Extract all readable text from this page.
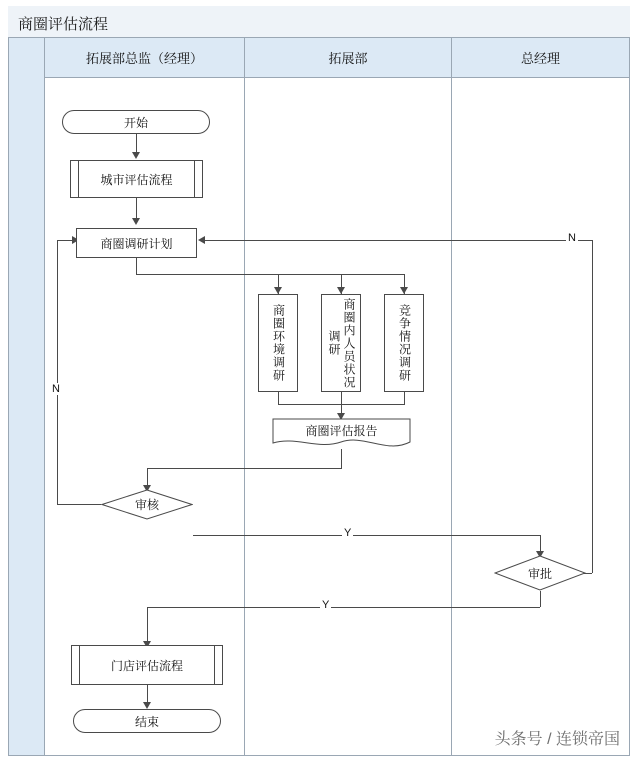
商圈评估流程
拓展部总监（经理）	拓展部	总经理
N
Y
N
Y
开始
城市评估流程
商圈调研计划
商圈环境调研	商圈内人员状况调研	竞争情况调研
商圈评估报告
审核
审批
门店评估流程
结束
头条号 / 连锁帝国
